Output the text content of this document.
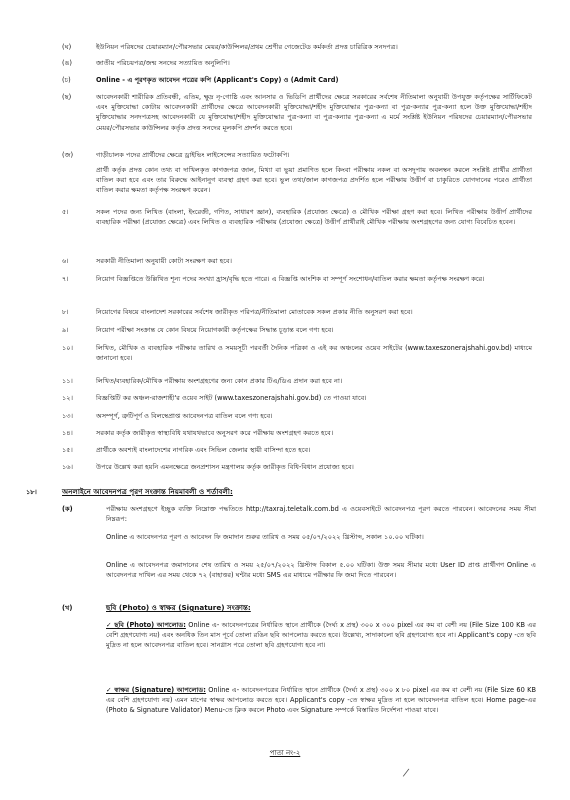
(ঘ)	ইউনিয়ন পরিষদের চেয়ারম্যান/পৌরসভার মেয়র/কাউন্সিলর/প্রথম শ্রেণীর গেজেটেড কর্মকর্তা প্রদত্ত চারিত্রিক সনদপত্র।
(ঙ)	জাতীয় পরিচয়পত্র/জন্ম সনদের সত্যায়িত অনুলিপি।
(চ)	Online - এ পূরণকৃত আবেদন পত্রের কপি (Applicant's Copy) ও (Admit Card)
(ছ)	আবেদনকারী শারীরিক প্রতিবন্ধী, এতিম, ক্ষুদ্র নৃ-গোষ্ঠি এবং আনসার ও ভিডিপি প্রার্থীদের ক্ষেত্রে সরকারের সর্বশেষ নীতিমালা অনুযায়ী উপযুক্ত কর্তৃপক্ষের সার্টিফিকেট এবং মুক্তিযোদ্ধা কোটায় আবেদনকারী প্রার্থীদের ক্ষেত্রে আবেদনকারী মুক্তিযোদ্ধা/শহীদ মুক্তিযোদ্ধার পুত্র-কন্যা বা পুত্র-কন্যার পুত্র-কন্যা হলে উক্ত মুক্তিযোদ্ধা/শহীদ মুক্তিযোদ্ধার সনদপত্রসহ আবেদনকারী যে মুক্তিযোদ্ধা/শহীদ মুক্তিযোদ্ধার পুত্র-কন্যা বা পুত্র-কন্যার পুত্র-কন্যা এ মর্মে সংশ্লিষ্ট ইউনিয়ন পরিষদের চেয়ারম্যান/পৌরসভার মেয়র/পৌরসভার কাউন্সিলর কর্তৃক প্রদত্ত সনদের মূলকপি প্রদর্শন করতে হবে।
(জ)	গাড়ীচালক পদের প্রার্থীদের ক্ষেত্রে ড্রাইভিং লাইসেন্সের সত্যায়িত ফটোকপি।
প্রার্থী কর্তৃক প্রদত্ত কোন তথ্য বা দাখিলকৃত কাগজপত্র জাল, মিথ্যা বা ভুয়া প্রমাণিত হলে কিংবা পরীক্ষায় নকল বা অসদুপায় অবলম্বন করলে সংশ্লিষ্ট প্রার্থীর প্রার্থীতা বাতিল করা হবে এবং তার বিরুদ্ধে আইনানুগ ব্যবস্থা গ্রহণ করা হবে। ভুল তথ্য/জাল কাগজপত্র প্রদর্শিত হলে পরীক্ষায় উত্তীর্ণ বা চাকুরিতে যোগদানের পরেও প্রার্থীতা বাতিল করার ক্ষমতা কর্তৃপক্ষ সংরক্ষণ করেন।
৫।	সকল পদের জন্য লিখিত (বাংলা, ইংরেজী, গণিত, সাধারণ জ্ঞান), ব্যবহারিক (প্রযোজ্য ক্ষেত্রে) ও মৌখিক পরীক্ষা গ্রহণ করা হবে। লিখিত পরীক্ষায় উত্তীর্ণ প্রার্থীদের ব্যবহারিক পরীক্ষা (প্রযোজ্য ক্ষেত্রে) এবং লিখিত ও ব্যবহারিক পরীক্ষায় (প্রযোজ্য ক্ষেত্রে) উত্তীর্ণ প্রার্থীরাই মৌখিক পরীক্ষায় অংশগ্রহণের জন্য যোগ্য বিবেচিত হবেন।
৬।	সরকারী নীতিমালা অনুযায়ী কোটা সংরক্ষণ করা হবে।
৭।	নিয়োগ বিজ্ঞপ্তিতে উল্লিখিত শূন্য পদের সংখ্যা হ্রাস/বৃদ্ধি হতে পারে। এ বিজ্ঞপ্তি আংশিক বা সম্পূর্ণ সংশোধন/বাতিল করার ক্ষমতা কর্তৃপক্ষ সংরক্ষণ করে।
৮।	নিয়োগের বিষয়ে বাংলাদেশ সরকারের সর্বশেষ জারীকৃত পরিপত্র/নীতিমালা মোতাবেক সকল প্রকার নীতি অনুসরণ করা হবে।
৯।	নিয়োগ পরীক্ষা সংক্রান্ত যে কোন বিষয়ে নিয়োগকারী কর্তৃপক্ষের সিদ্ধান্ত চূড়ান্ত বলে গণ্য হবে।
১০।	লিখিত, মৌখিক ও ব্যবহারিক পরীক্ষার তারিখ ও সময়সূচী পরবর্তী দৈনিক পত্রিকা ও এই কর অঞ্চলের ওয়েব সাইটের (www.taxeszonerajshahi.gov.bd) মাধ্যমে জানানো হবে।
১১।	লিখিত/ব্যবহারিক/মৌখিক পরীক্ষায় অংশগ্রহণের জন্য কোন প্রকার টিএ/ডিএ প্রদান করা হবে না।
১২।	বিজ্ঞপ্তিটি কর অঞ্চল-রাজশাহী'র ওয়েব সাইট (www.taxeszonerajshahi.gov.bd) তে পাওয়া যাবে।
১৩।	অসম্পূর্ণ, ত্রুটিপূর্ণ ও বিলম্বেপ্রাপ্ত আবেদনপত্র বাতিল বলে গণ্য হবে।
১৪।	সরকার কর্তৃক জারীকৃত স্বাস্থ্যবিধি যথাযথভাবে অনুসরণ করে পরীক্ষায় অংশগ্রহণ করতে হবে।
১৫।	প্রার্থীকে অবশ্যই বাংলাদেশের নাগরিক এবং সিভিল জেলার স্থায়ী বাসিন্দা হতে হবে।
১৬।	উপরে উল্লেখ করা হয়নি এমনক্ষেত্রে জনপ্রশাসন মন্ত্রণালয় কর্তৃক জারীকৃত বিধি-বিধান প্রযোজ্য হবে।
১৮।	অনলাইনে আবেদনপত্র পূরণ সংক্রান্ত নিয়মাবলী ও শর্তাবলী:
(ক)	পরীক্ষায় অংশগ্রহণে ইচ্ছুক ব্যক্তি নিম্নোক্ত পদ্ধতিতে http://taxraj.teletalk.com.bd এ ওয়েবসাইটে আবেদনপত্র পূরণ করতে পারবেন। আবেদনের সময় সীমা নিম্নরূপ:
Online এ আবেদনপত্র পূরণ ও আবেদন ফি জমাদান শুরুর তারিখ ও সময় ০৫/০৭/২০২২ খ্রিস্টাব্দ, সকাল ১০.০০ ঘটিকা।
Online এ আবেদনপত্র জমাদানের শেষ তারিখ ও সময় ২৫/০৭/২০২২ খ্রিস্টাব্দ বিকাল ৫.০০ ঘটিকা। উক্ত সময় সীমার মধ্যে User ID প্রাপ্ত প্রার্থীগণ Online এ আবেদনপত্র দাখিল এর সময় থেকে ৭২ (বাহাত্তর) ঘন্টার মধ্যে SMS এর মাধ্যমে পরীক্ষার ফি জমা দিতে পারবেন।
(খ)	ছবি (Photo) ও স্বাক্ষর (Signature) সংক্রান্ত:
✓ ছবি (Photo) আপলোড: Online এ- আবেদনপত্রের নির্ধারিত স্থানে প্রার্থীকে (দৈর্ঘ্য x প্রস্থ) ৩০০ x ৩০০ pixel এর কম বা বেশী নয় (File Size 100 KB এর বেশি গ্রহণযোগ্য নয়) এবং অনধিক তিন মাস পূর্বে তোলা রঙিন ছবি আপলোড করতে হবে। উল্লেখ্য, সাদাকালো ছবি গ্রহণযোগ্য হবে না। Applicant's copy -তে ছবি মুদ্রিত না হলে আবেদনপত্র বাতিল হবে। সানগ্লাস পরে তোলা ছবি গ্রহণযোগ্য হবে না।
✓ স্বাক্ষর (Signature) আপলোড: Online এ- আবেদনপত্রের নির্ধারিত স্থানে প্রার্থীকে (দৈর্ঘ্য x প্রস্থ) ৩০০ x ৮০ pixel এর কম বা বেশী নয় (File Size 60 KB এর বেশি গ্রহণযোগ্য নয়) এমন মাপের স্বাক্ষর আপলোড করতে হবে। Applicant's copy -তে স্বাক্ষর মুদ্রিত না হলে আবেদনপত্র বাতিল হবে। Home page-এর (Photo & Signature Validator) Menu-তে ক্লিক করলে Photo এবং Signature সম্পর্কে বিস্তারিত নির্দেশনা পাওয়া যাবে।
পাতা নং-২
/
